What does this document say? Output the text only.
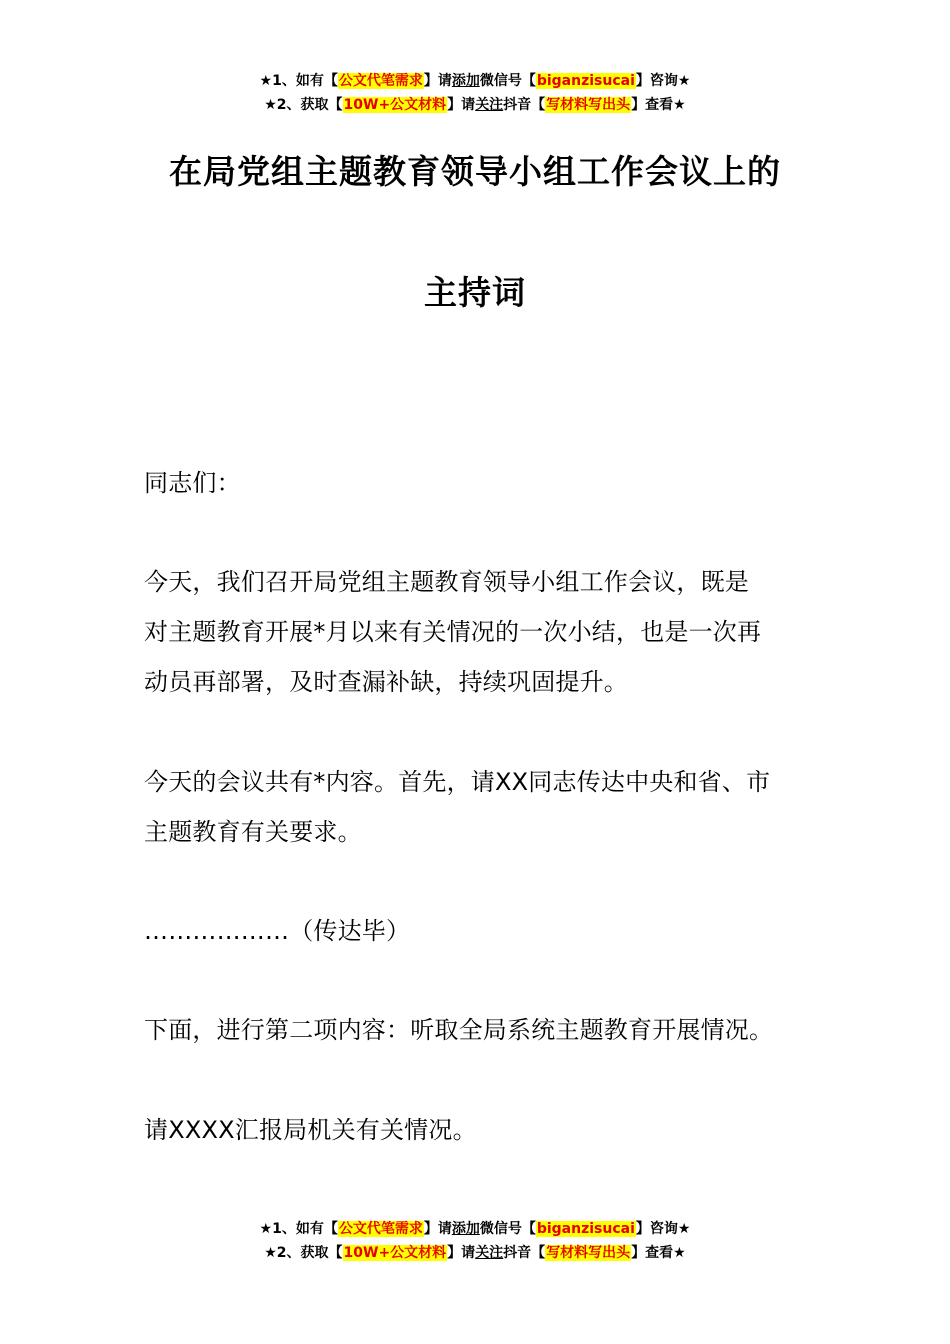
★1、如有【公文代笔需求】请添加微信号【biganzisucai】咨询★
★2、获取【10W+公文材料】请关注抖音【写材料写出头】查看★
在局党组主题教育领导小组工作会议上的
主持词

同志们：

今天，我们召开局党组主题教育领导小组工作会议，既是

对主题教育开展*月以来有关情况的一次小结，也是一次再

动员再部署，及时查漏补缺，持续巩固提升。

今天的会议共有*内容。首先，请XX同志传达中央和省、市

主题教育有关要求。

………………（传达毕）

下面，进行第二项内容：听取全局系统主题教育开展情况。

请XXXX汇报局机关有关情况。

★1、如有【公文代笔需求】请添加微信号【biganzisucai】咨询★
★2、获取【10W+公文材料】请关注抖音【写材料写出头】查看★
